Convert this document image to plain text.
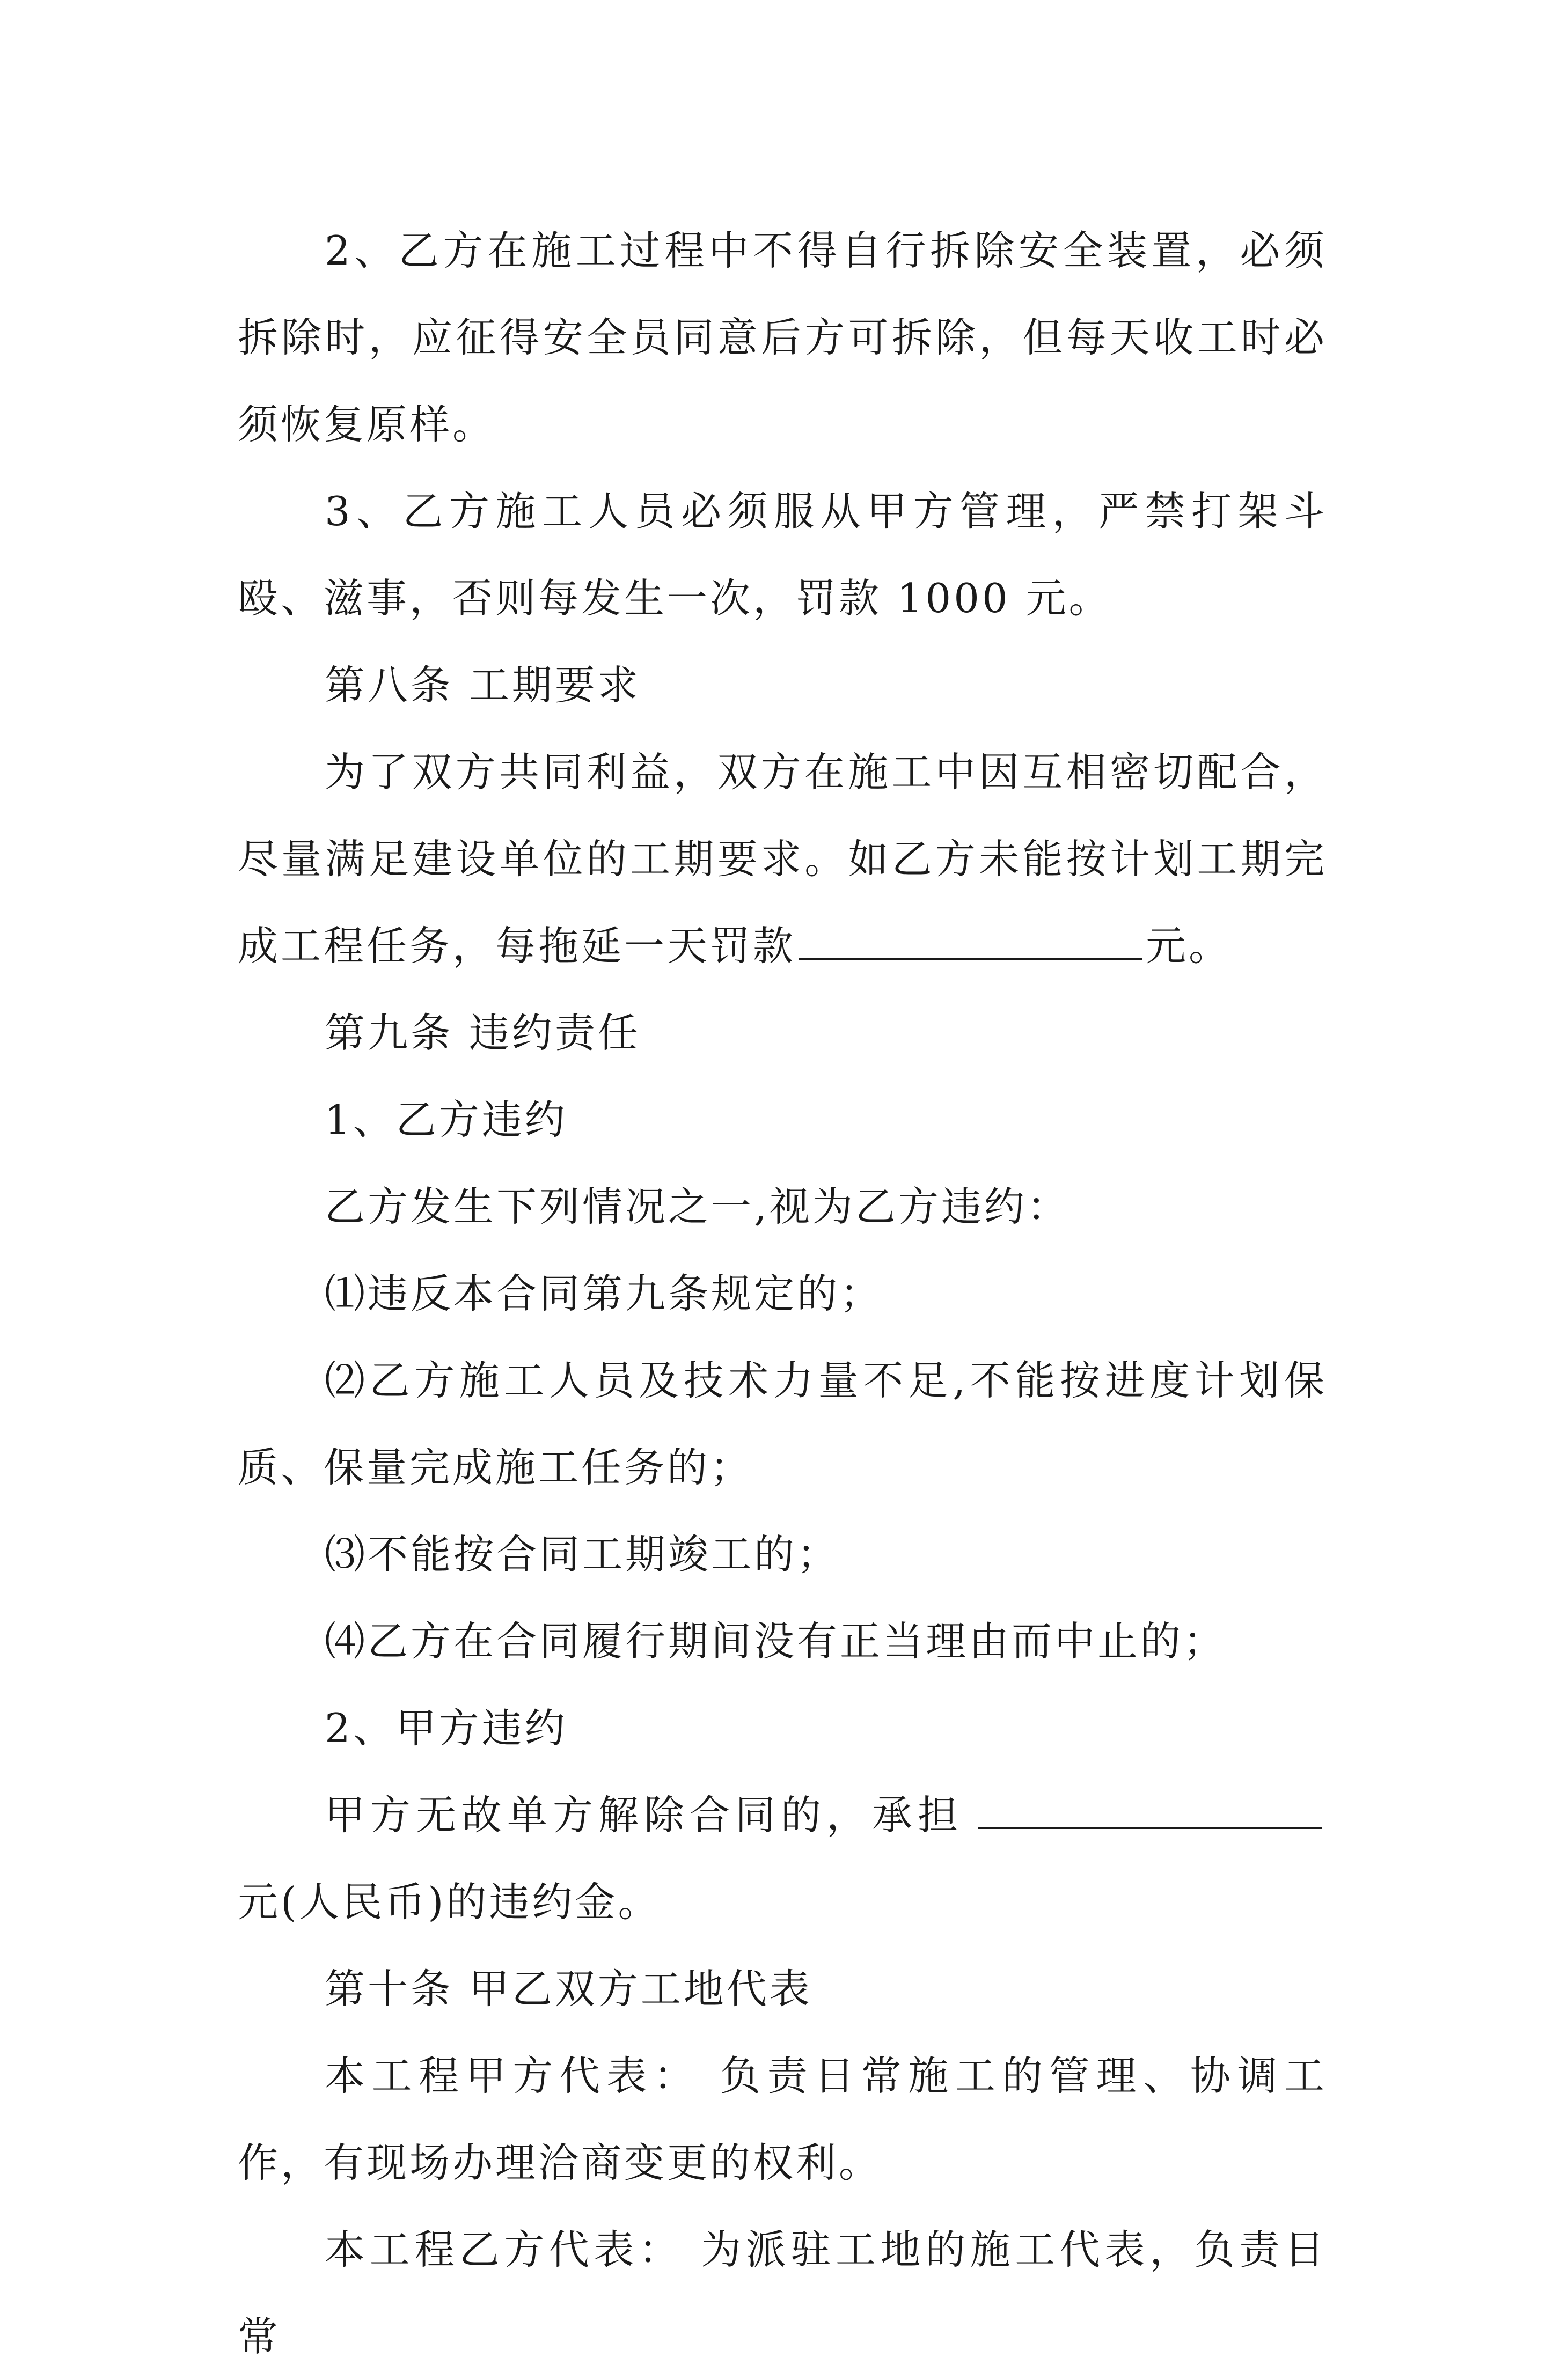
2、乙方在施工过程中不得自行拆除安全装置，必须拆除时，应征得安全员同意后方可拆除，但每天收工时必须恢复原样。

3、乙方施工人员必须服从甲方管理，严禁打架斗殴、滋事，否则每发生一次，罚款 1000 元。

第八条 工期要求

为了双方共同利益，双方在施工中因互相密切配合，尽量满足建设单位的工期要求。如乙方未能按计划工期完成工程任务，每拖延一天罚款	元。

第九条 违约责任

1、乙方违约

乙方发生下列情况之一,视为乙方违约：

⑴违反本合同第九条规定的；

⑵乙方施工人员及技术力量不足,不能按进度计划保质、保量完成施工任务的；

⑶不能按合同工期竣工的；

⑷乙方在合同履行期间没有正当理由而中止的；

2、甲方违约

甲方无故单方解除合同的，承担元(人民币)的违约金。

第十条 甲乙双方工地代表

本工程甲方代表： 负责日常施工的管理、协调工作，有现场办理洽商变更的权利。

本工程乙方代表： 为派驻工地的施工代表，负责日常
